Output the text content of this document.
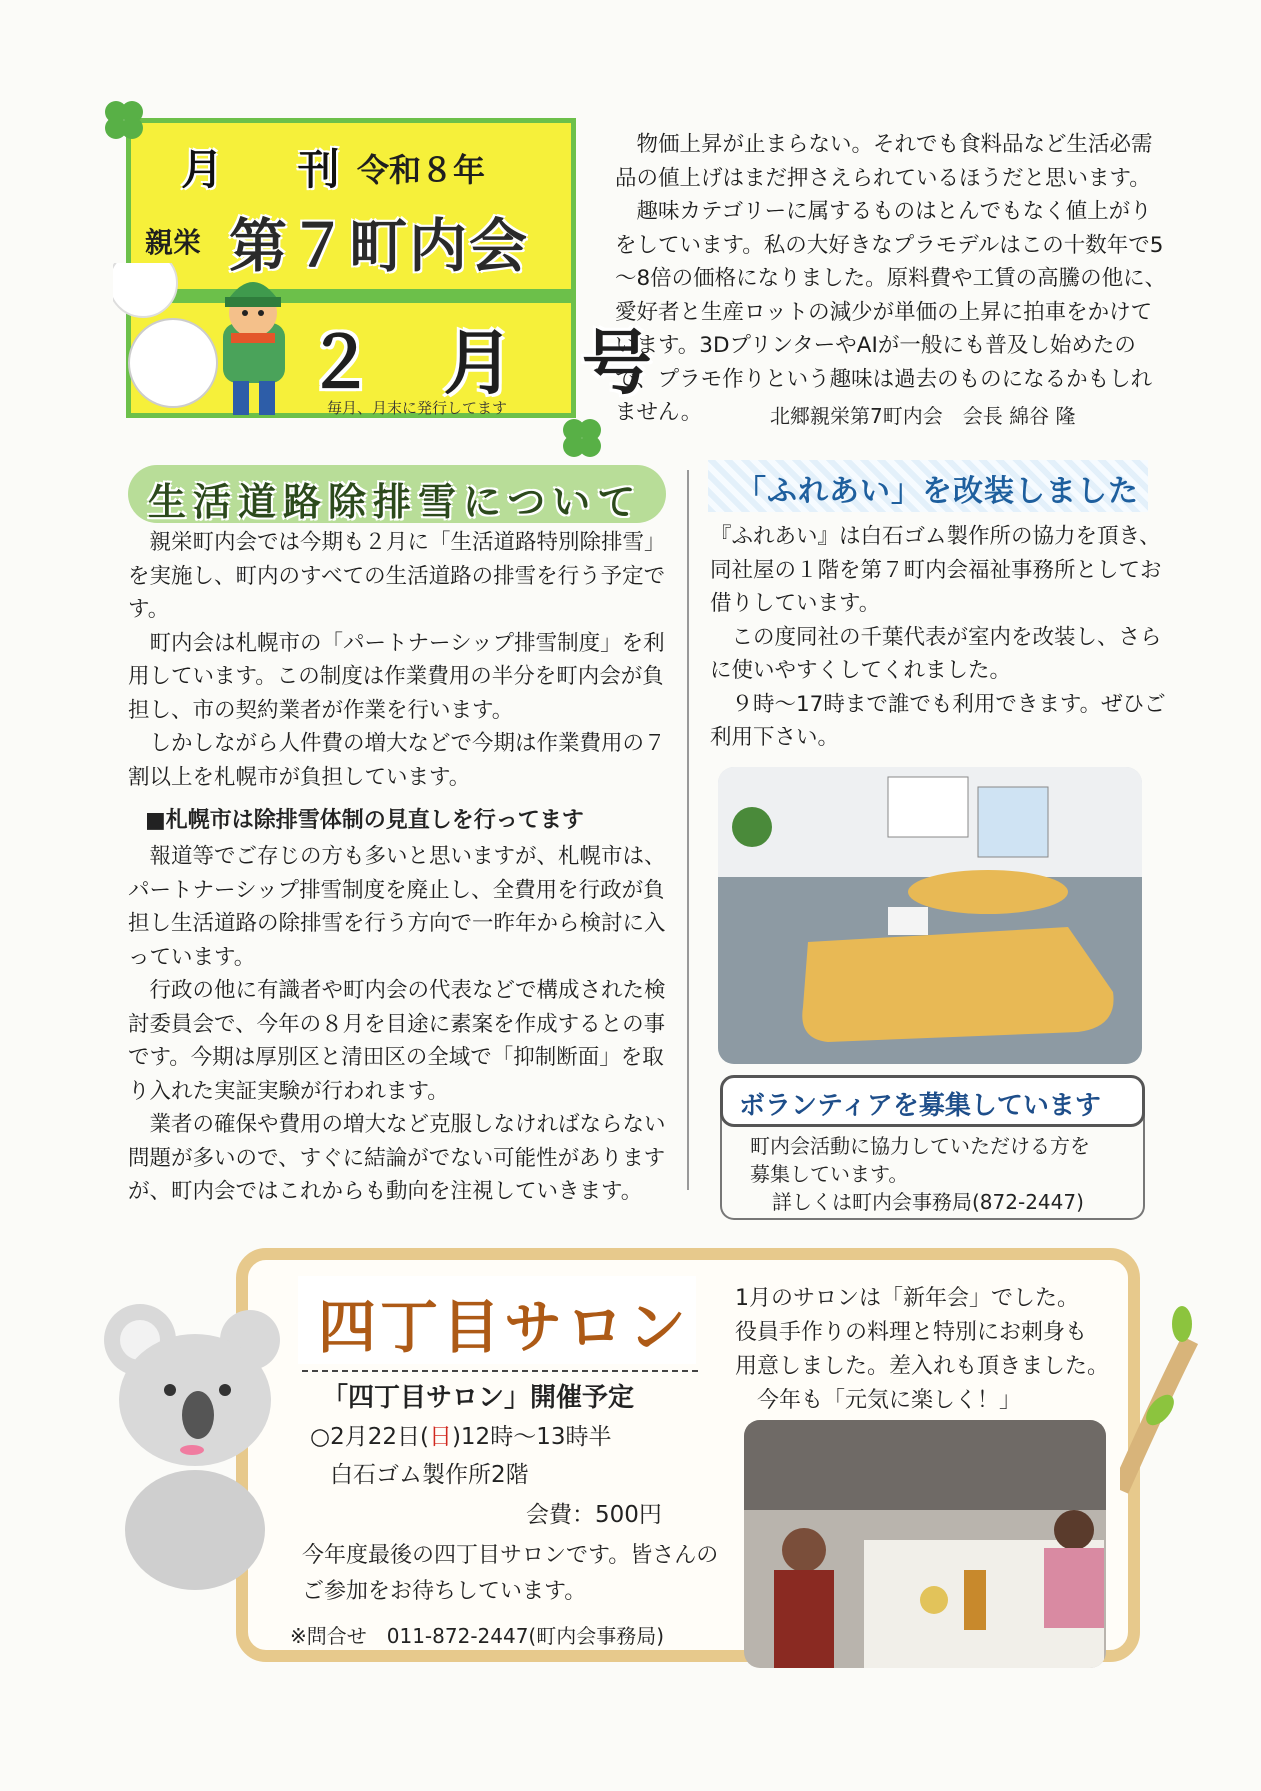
月 刊
令和８年
親栄 第７町内会
２ 月 号
毎月、月末に発行してます

物価上昇が止まらない。それでも食料品など生活必需品の値上げはまだ押さえられているほうだと思います。

趣味カテゴリーに属するものはとんでもなく値上がりをしています。私の大好きなプラモデルはこの十数年で5～8倍の価格になりました。原料費や工賃の高騰の他に、愛好者と生産ロットの減少が単価の上昇に拍車をかけています。3DプリンターやAIが一般にも普及し始めたので、プラモ作りという趣味は過去のものになるかもしれません。	北郷親栄第7町内会　会長 綿谷 隆
生活道路除排雪について

親栄町内会では今期も２月に「生活道路特別除排雪」を実施し、町内のすべての生活道路の排雪を行う予定です。

町内会は札幌市の「パートナーシップ排雪制度」を利用しています。この制度は作業費用の半分を町内会が負担し、市の契約業者が作業を行います。

しかしながら人件費の増大などで今期は作業費用の７割以上を札幌市が負担しています。

■札幌市は除排雪体制の見直しを行ってます

報道等でご存じの方も多いと思いますが、札幌市は、パートナーシップ排雪制度を廃止し、全費用を行政が負担し生活道路の除排雪を行う方向で一昨年から検討に入っています。

行政の他に有識者や町内会の代表などで構成された検討委員会で、今年の８月を目途に素案を作成するとの事です。今期は厚別区と清田区の全域で「抑制断面」を取り入れた実証実験が行われます。

業者の確保や費用の増大など克服しなければならない問題が多いので、すぐに結論がでない可能性がありますが、町内会ではこれからも動向を注視していきます。

「ふれあい」を改装しました

『ふれあい』は白石ゴム製作所の協力を頂き、同社屋の１階を第７町内会福祉事務所としてお借りしています。

この度同社の千葉代表が室内を改装し、さらに使いやすくしてくれました。

９時～17時まで誰でも利用できます。ぜひご利用下さい。

ボランティアを募集しています
町内会活動に協力していただける方を
募集しています。
詳しくは町内会事務局(872-2447)
四丁目サロン
「四丁目サロン」開催予定
○2月22日(日)12時～13時半
白石ゴム製作所2階
会費：500円
今年度最後の四丁目サロンです。皆さんのご参加をお待ちしています。
※問合せ　011-872-2447(町内会事務局)

1月のサロンは「新年会」でした。

役員手作りの料理と特別にお刺身も

用意しました。差入れも頂きました。

今年も「元気に楽しく！」
